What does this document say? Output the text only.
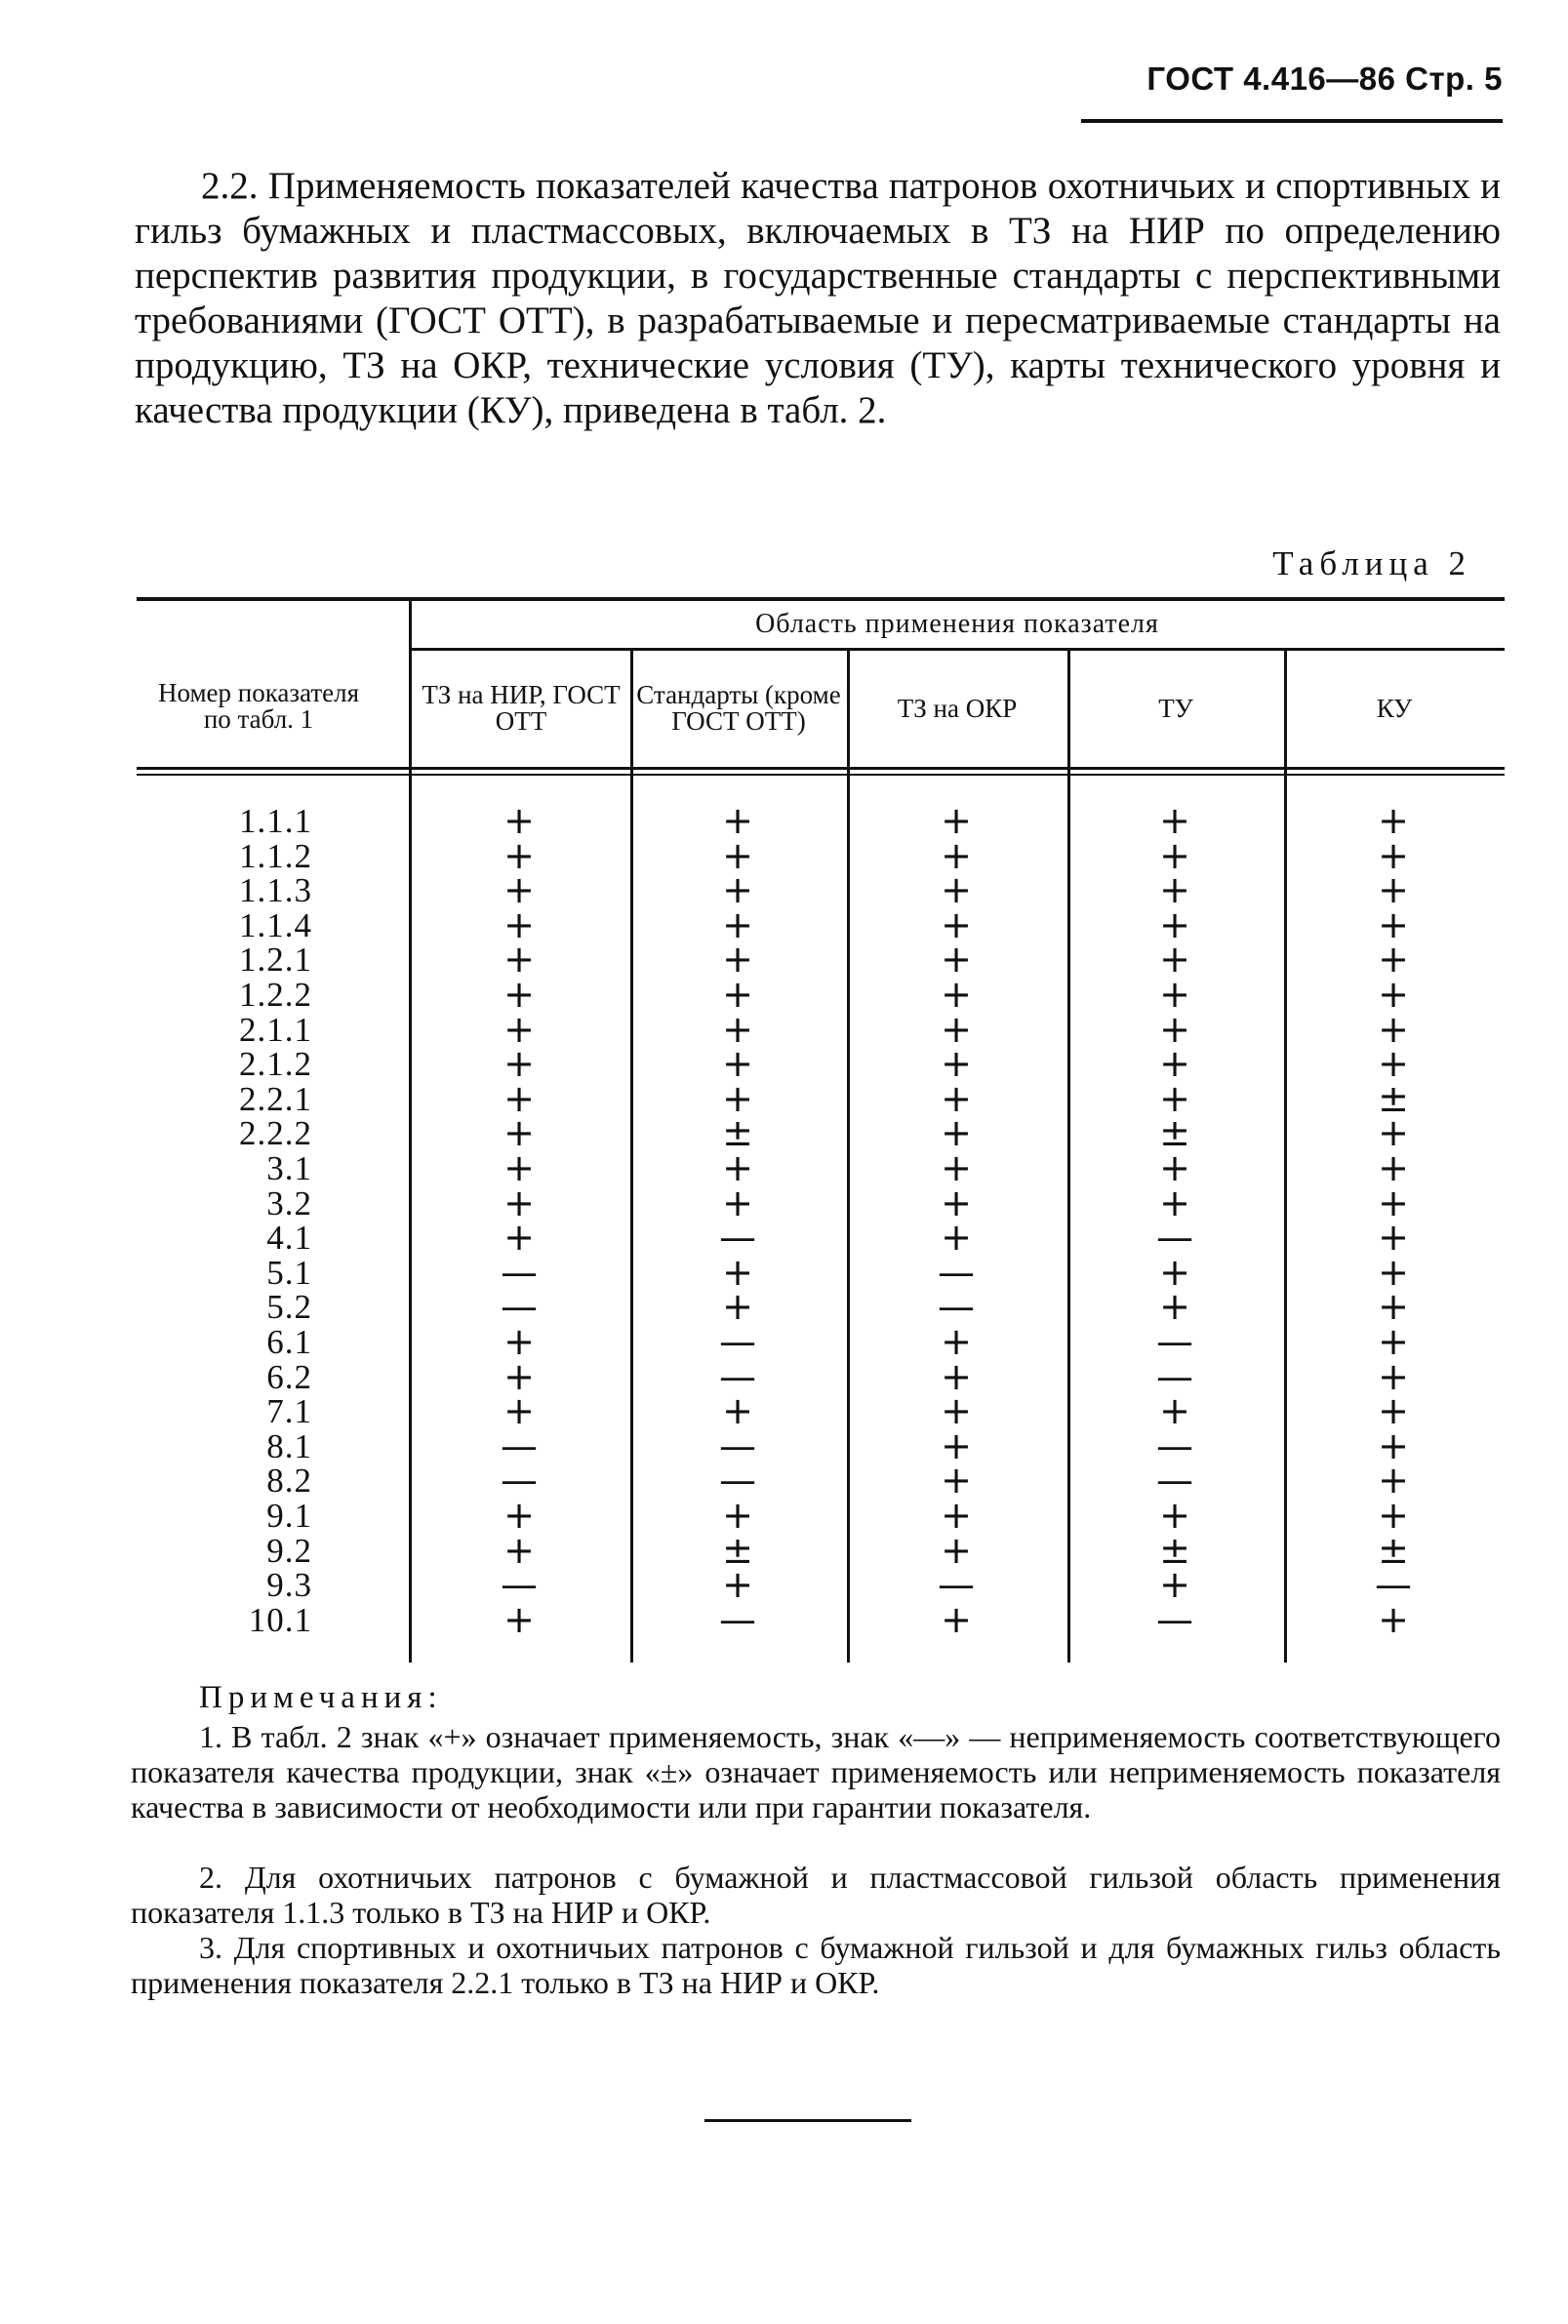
ГОСТ 4.416—86 Стр. 5
2.2. Применяемость показателей качества патронов охотничьих и спортивных и гильз бумажных и пластмассовых, включаемых в ТЗ на НИР по определению перспектив развития продукции, в государственные стандарты с перспективными требованиями (ГОСТ ОТТ), в разрабатываемые и пересматриваемые стандарты на продукцию, ТЗ на ОКР, технические условия (ТУ), карты технического уровня и качества продукции (КУ), приведена в табл. 2.
Таблица 2
Номер показателя по табл. 1
Область применения показателя
ТЗ на НИР, ГОСТ ОТТ
Стандарты (кроме ГОСТ ОТТ)	ТЗ на ОКР	ТУ	КУ
1.1.1	+	+	+	+	+
1.1.2	+	+	+	+	+
1.1.3	+	+	+	+	+
1.1.4	+	+	+	+	+
1.2.1	+	+	+	+	+
1.2.2	+	+	+	+	+
2.1.1	+	+	+	+	+
2.1.2	+	+	+	+	+
2.2.1	+	+	+	+	±
2.2.2	+	±	+	±	+
3.1	+	+	+	+	+
3.2	+	+	+	+	+
4.1	+	—	+	—	+
5.1	—	+	—	+	+
5.2	—	+	—	+	+
6.1	+	—	+	—	+
6.2	+	—	+	—	+
7.1	+	+	+	+	+
8.1	—	—	+	—	+
8.2	—	—	+	—	+
9.1	+	+	+	+	+
9.2	+	±	+	±	±
9.3	—	+	—	+	—
10.1	+	—	+	—	+
Примечания:
1. В табл. 2 знак «+» означает применяемость, знак «—» — неприменяемость соответствующего показателя качества продукции, знак «±» означает применяемость или неприменяемость показателя качества в зависимости от необходимости или при гарантии показателя.
2. Для охотничьих патронов с бумажной и пластмассовой гильзой область применения показателя 1.1.3 только в ТЗ на НИР и ОКР.
3. Для спортивных и охотничьих патронов с бумажной гильзой и для бумажных гильз область применения показателя 2.2.1 только в ТЗ на НИР и ОКР.
